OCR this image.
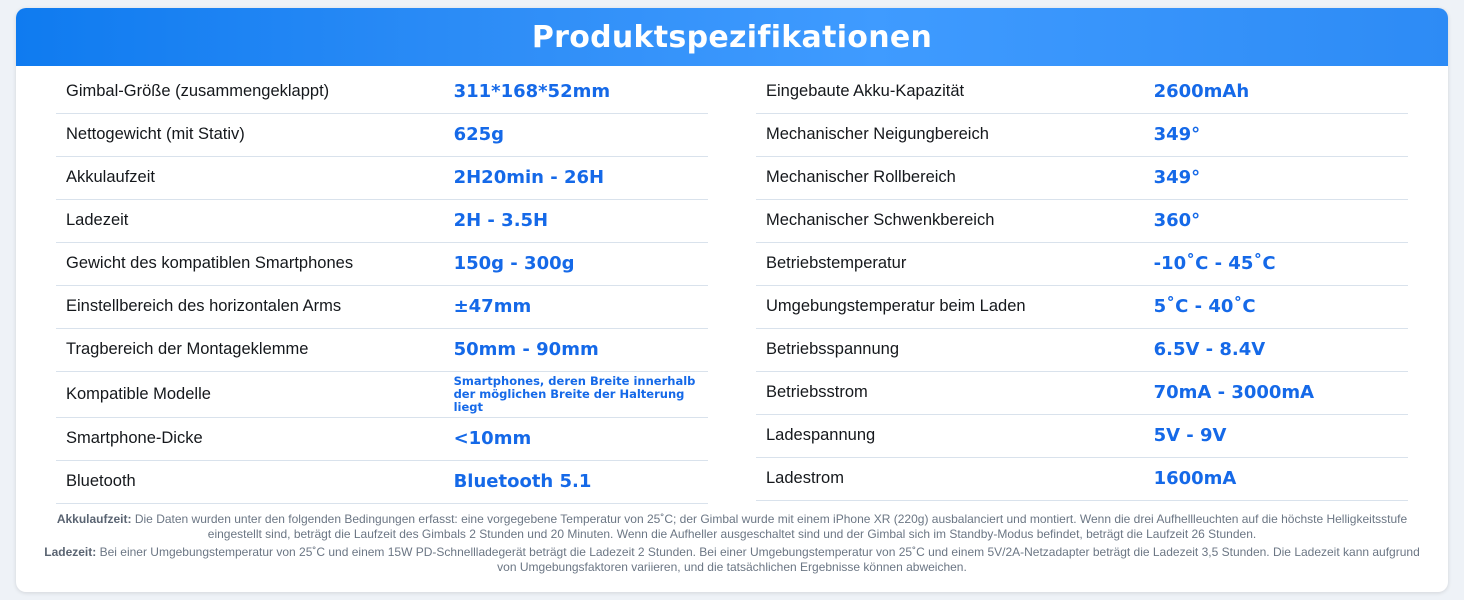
Produktspezifikationen
Gimbal-Größe (zusammengeklappt)	311*168*52mm
Nettogewicht (mit Stativ)	625g
Akkulaufzeit	2H20min - 26H
Ladezeit	2H - 3.5H
Gewicht des kompatiblen Smartphones	150g - 300g
Einstellbereich des horizontalen Arms	±47mm
Tragbereich der Montageklemme	50mm - 90mm
Kompatible Modelle	Smartphones, deren Breite innerhalb der möglichen Breite der Halterung liegt
Smartphone-Dicke	<10mm
Bluetooth	Bluetooth 5.1
Eingebaute Akku-Kapazität	2600mAh
Mechanischer Neigungbereich	349°
Mechanischer Rollbereich	349°
Mechanischer Schwenkbereich	360°
Betriebstemperatur	-10˚C - 45˚C
Umgebungstemperatur beim Laden	5˚C - 40˚C
Betriebsspannung	6.5V - 8.4V
Betriebsstrom	70mA - 3000mA
Ladespannung	5V - 9V
Ladestrom	1600mA
Akkulaufzeit: Die Daten wurden unter den folgenden Bedingungen erfasst: eine vorgegebene Temperatur von 25˚C; der Gimbal wurde mit einem iPhone XR (220g) ausbalanciert und montiert. Wenn die drei Aufhellleuchten auf die höchste Helligkeitsstufe eingestellt sind, beträgt die Laufzeit des Gimbals 2 Stunden und 20 Minuten. Wenn die Aufheller ausgeschaltet sind und der Gimbal sich im Standby-Modus befindet, beträgt die Laufzeit 26 Stunden.
Ladezeit: Bei einer Umgebungstemperatur von 25˚C und einem 15W PD-Schnellladegerät beträgt die Ladezeit 2 Stunden. Bei einer Umgebungstemperatur von 25˚C und einem 5V/2A-Netzadapter beträgt die Ladezeit 3,5 Stunden. Die Ladezeit kann aufgrund von Umgebungsfaktoren variieren, und die tatsächlichen Ergebnisse können abweichen.
